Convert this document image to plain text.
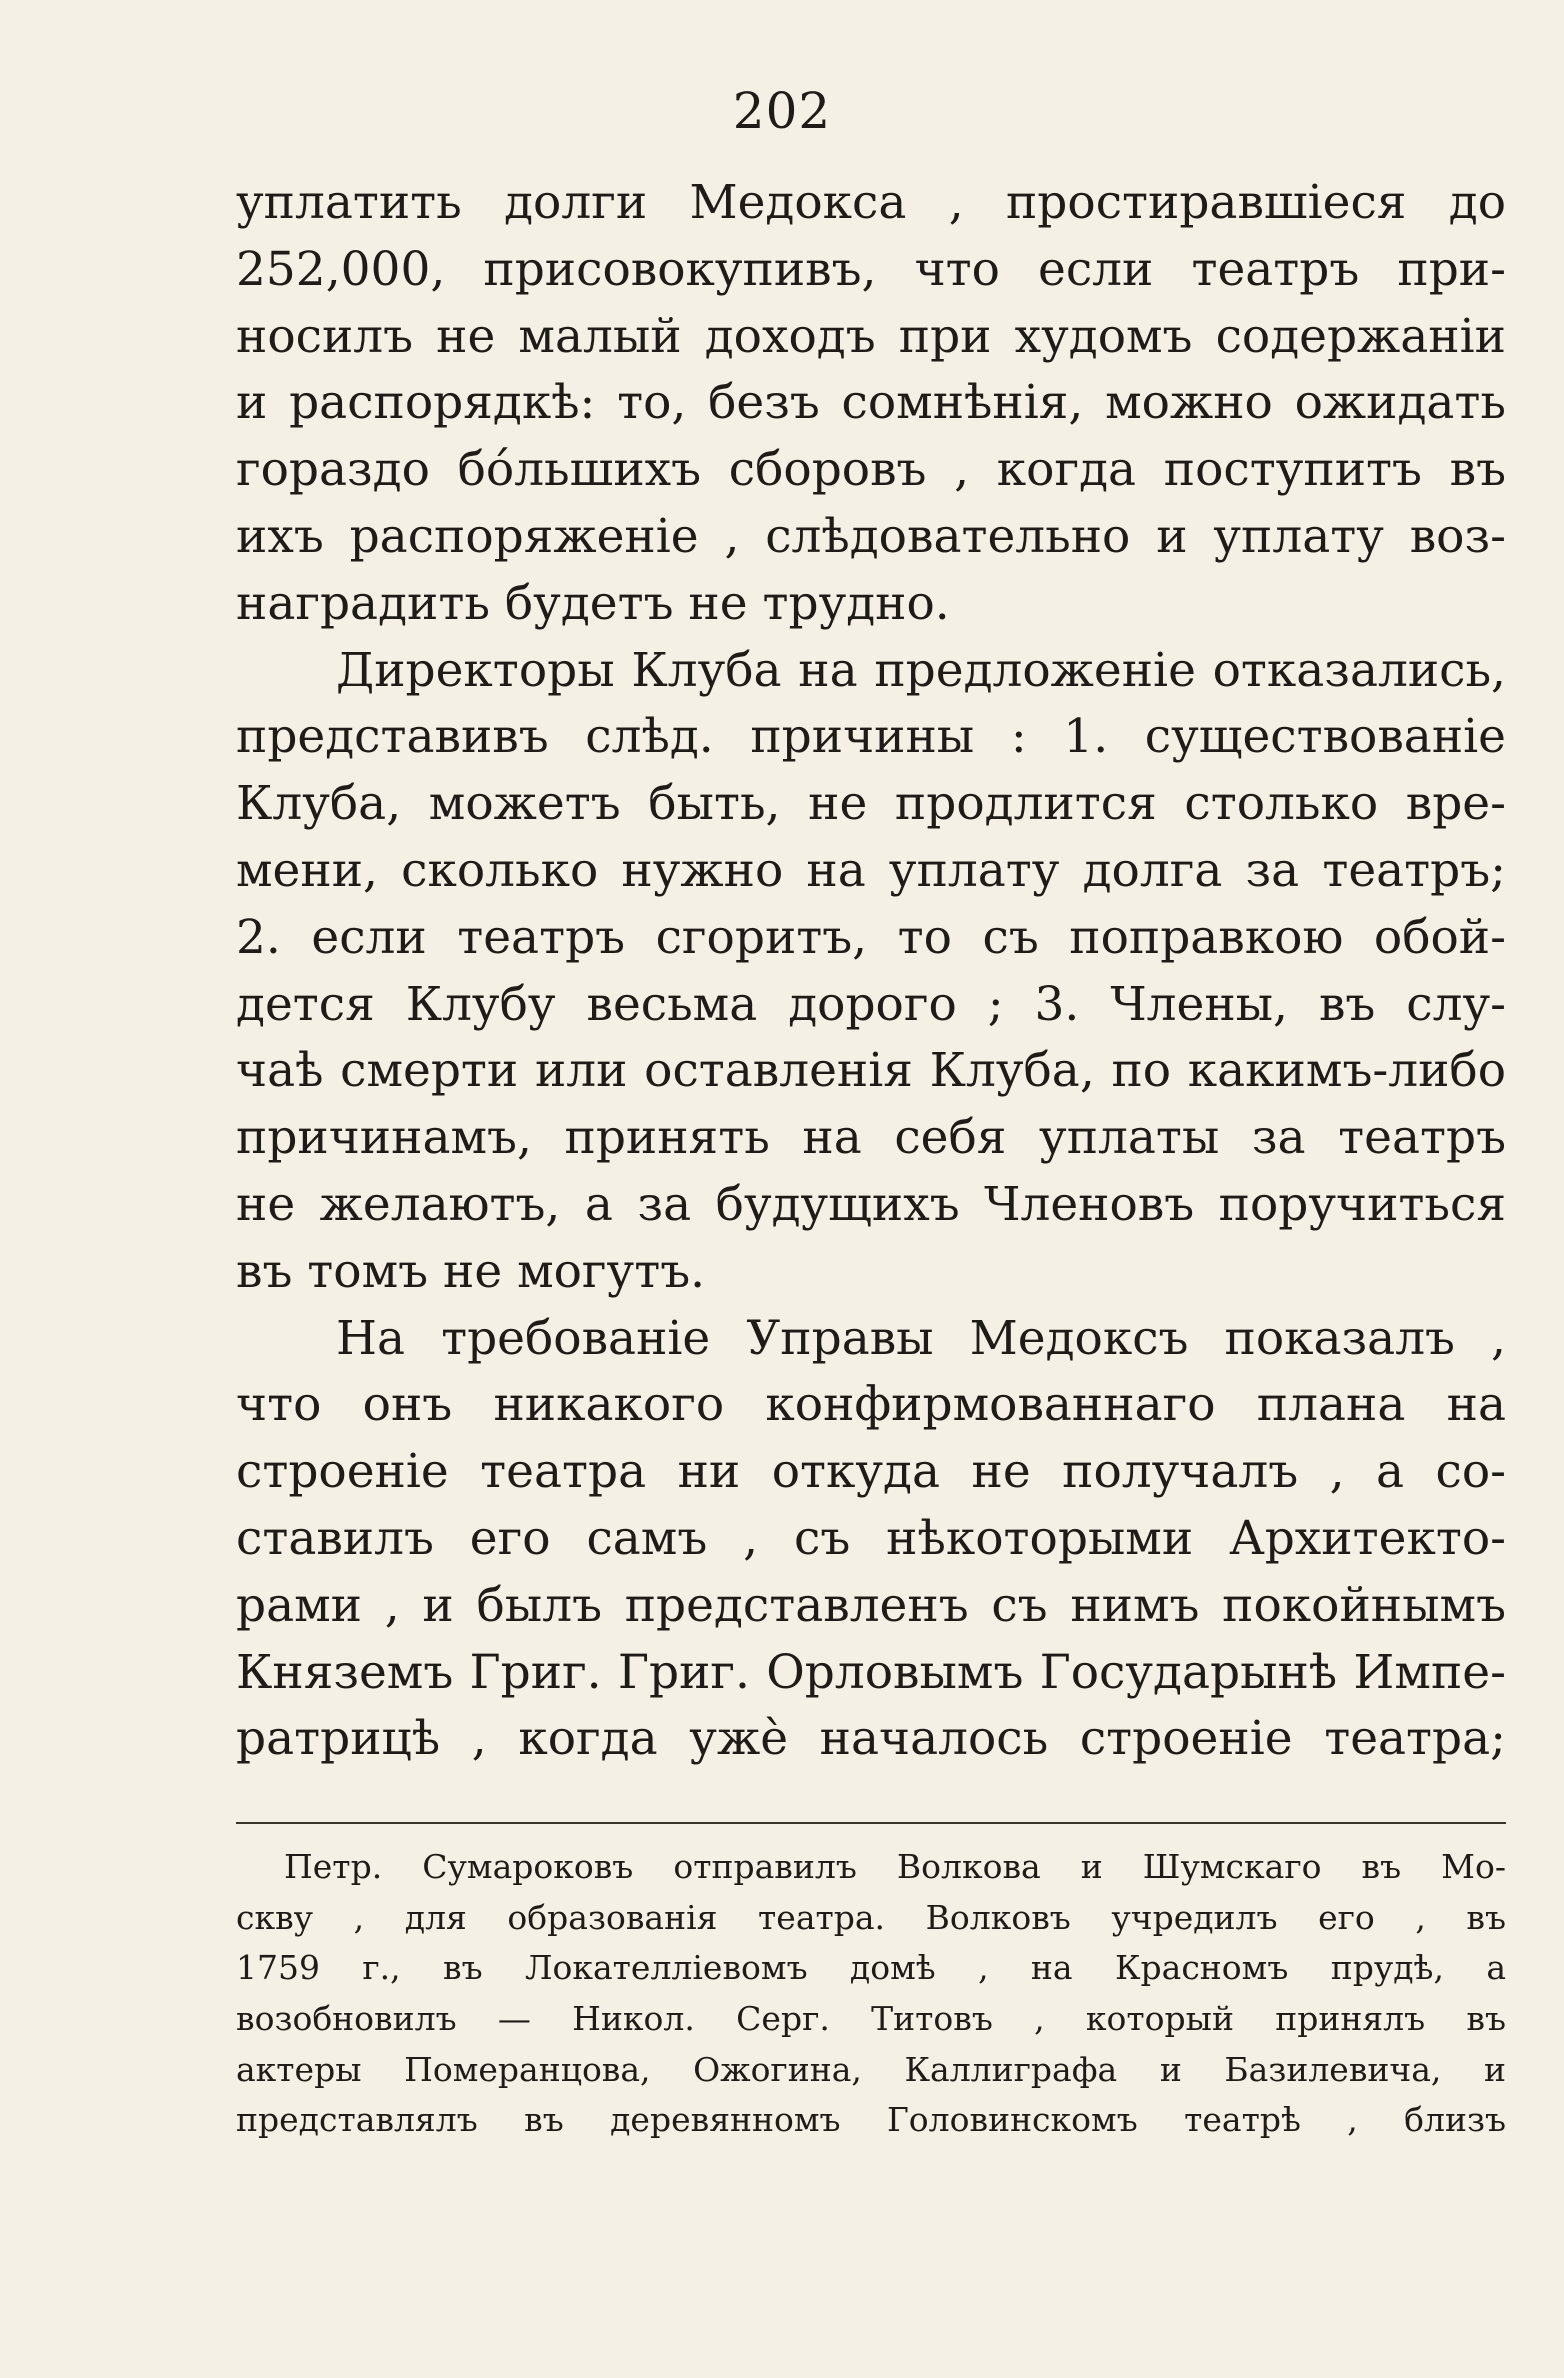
202
уплатить долги Медокса , простиравшіеся до
252,000, присовокупивъ, что если театръ при-
носилъ не малый доходъ при худомъ содержаніи
и распорядкѣ: то, безъ сомнѣнія, можно ожидать
гораздо бóльшихъ сборовъ , когда поступитъ въ
ихъ распоряженіе , слѣдовательно и уплату воз-
наградить будетъ не трудно.
Директоры Клуба на предложеніе отказались,
представивъ слѣд. причины : 1. существованіе
Клуба, можетъ быть, не продлится столько вре-
мени, сколько нужно на уплату долга за театръ;
2. если театръ сгоритъ, то съ поправкою обой-
дется Клубу весьма дорого ; 3. Члены, въ слу-
чаѣ смерти или оставленія Клуба, по какимъ-либо
причинамъ, принять на себя уплаты за театръ
не желаютъ, а за будущихъ Членовъ поручиться
въ томъ не могутъ.
На требованіе Управы Медоксъ показалъ ,
что онъ никакого конфирмованнаго плана на
строеніе театра ни откуда не получалъ , а со-
ставилъ его самъ , съ нѣкоторыми Архитекто-
рами , и былъ представленъ съ нимъ покойнымъ
Княземъ Григ. Григ. Орловымъ Государынѣ Импе-
ратрицѣ , когда ужè началось строеніе театра;
Петр. Сумароковъ отправилъ Волкова и Шумскаго въ Мо-
скву , для образованія театра. Волковъ учредилъ его , въ
1759 г., въ Локателліевомъ домѣ , на Красномъ прудѣ, а
возобновилъ — Никол. Серг. Титовъ , который принялъ въ
актеры Померанцова, Ожогина, Каллиграфа и Базилевича, и
представлялъ въ деревянномъ Головинскомъ театрѣ , близъ
